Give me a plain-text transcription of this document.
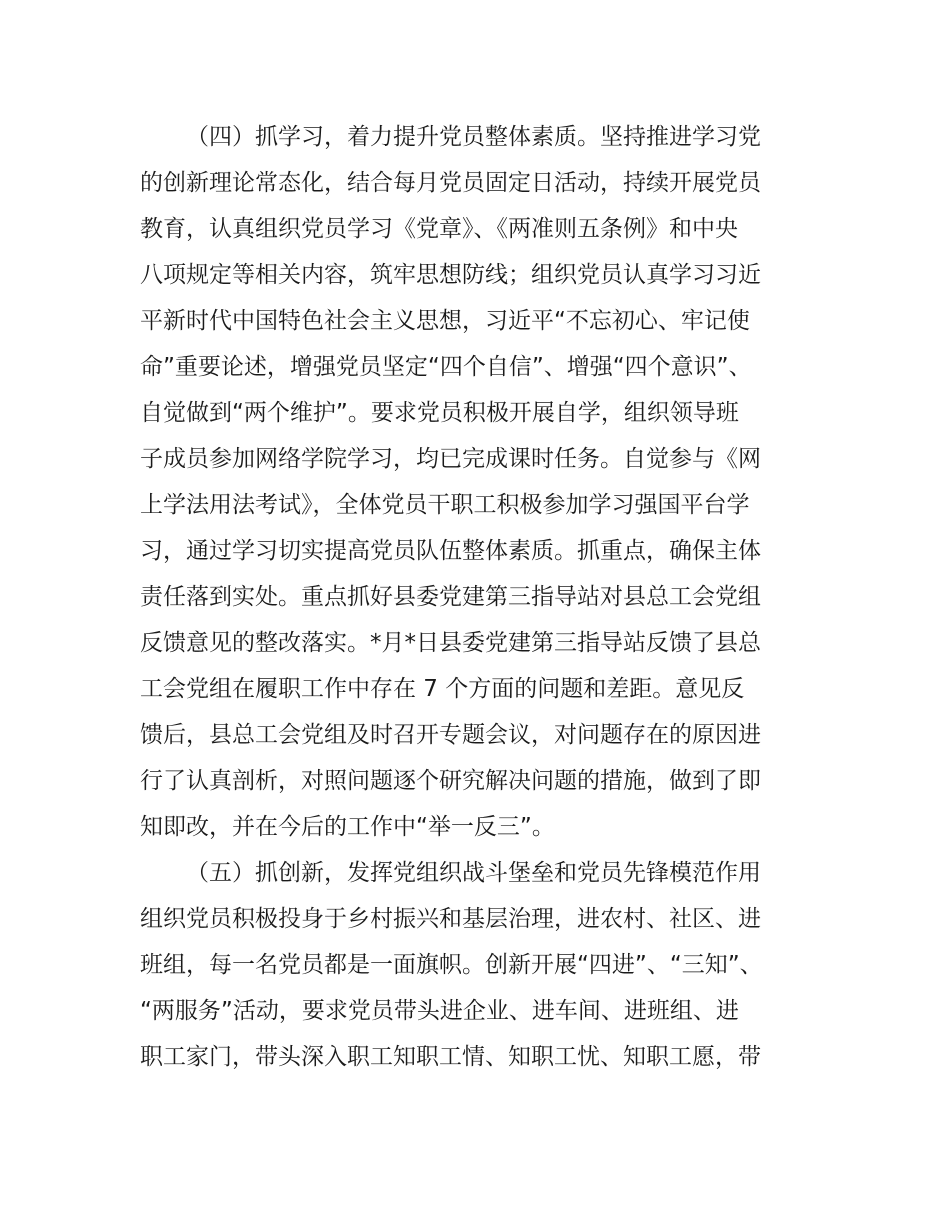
（四）抓学习，着力提升党员整体素质。坚持推进学习党
的创新理论常态化，结合每月党员固定日活动，持续开展党员
教育，认真组织党员学习《党章》、《两准则五条例》和中央
八项规定等相关内容，筑牢思想防线；组织党员认真学习习近
平新时代中国特色社会主义思想，习近平“不忘初心、牢记使
命”重要论述，增强党员坚定“四个自信”、增强“四个意识”、
自觉做到“两个维护”。要求党员积极开展自学，组织领导班
子成员参加网络学院学习，均已完成课时任务。自觉参与《网
上学法用法考试》，全体党员干职工积极参加学习强国平台学
习，通过学习切实提高党员队伍整体素质。抓重点，确保主体
责任落到实处。重点抓好县委党建第三指导站对县总工会党组
反馈意见的整改落实。*月*日县委党建第三指导站反馈了县总
工会党组在履职工作中存在 7 个方面的问题和差距。意见反
馈后，县总工会党组及时召开专题会议，对问题存在的原因进
行了认真剖析，对照问题逐个研究解决问题的措施，做到了即
知即改，并在今后的工作中“举一反三”。
（五）抓创新，发挥党组织战斗堡垒和党员先锋模范作用
组织党员积极投身于乡村振兴和基层治理，进农村、社区、进
班组，每一名党员都是一面旗帜。创新开展“四进”、“三知”、
“两服务”活动，要求党员带头进企业、进车间、进班组、进
职工家门，带头深入职工知职工情、知职工忧、知职工愿，带
